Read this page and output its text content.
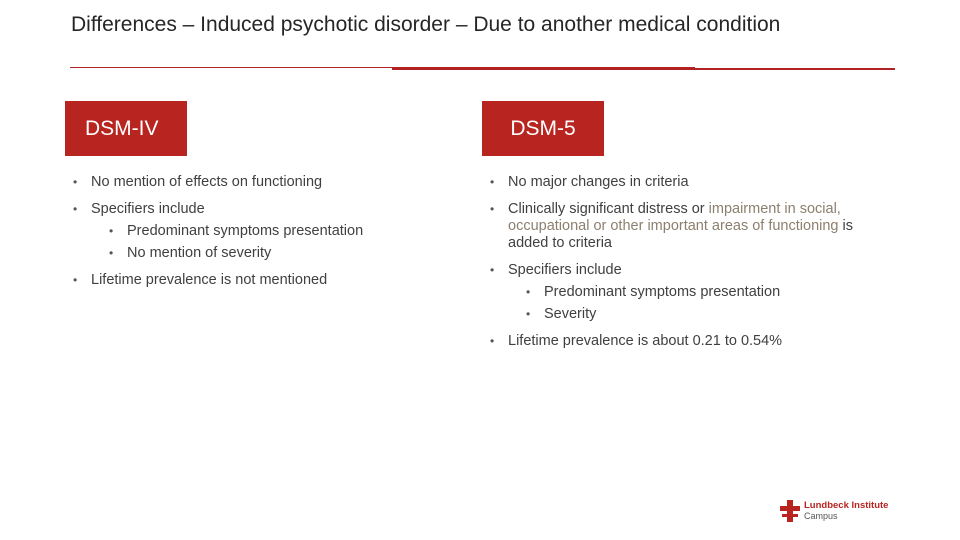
Differences – Induced psychotic disorder – Due to another medical condition
DSM-IV	DSM-5
• No mention of effects on functioning
• Specifiers include
• Predominant symptoms presentation
• No mention of severity
• Lifetime prevalence is not mentioned
• No major changes in criteria
• Clinically significant distress or impairment in social, occupational or other important areas of functioning is added to criteria
• Specifiers include
• Predominant symptoms presentation
• Severity
• Lifetime prevalence is about 0.21 to 0.54%
Lundbeck Institute
Campus
